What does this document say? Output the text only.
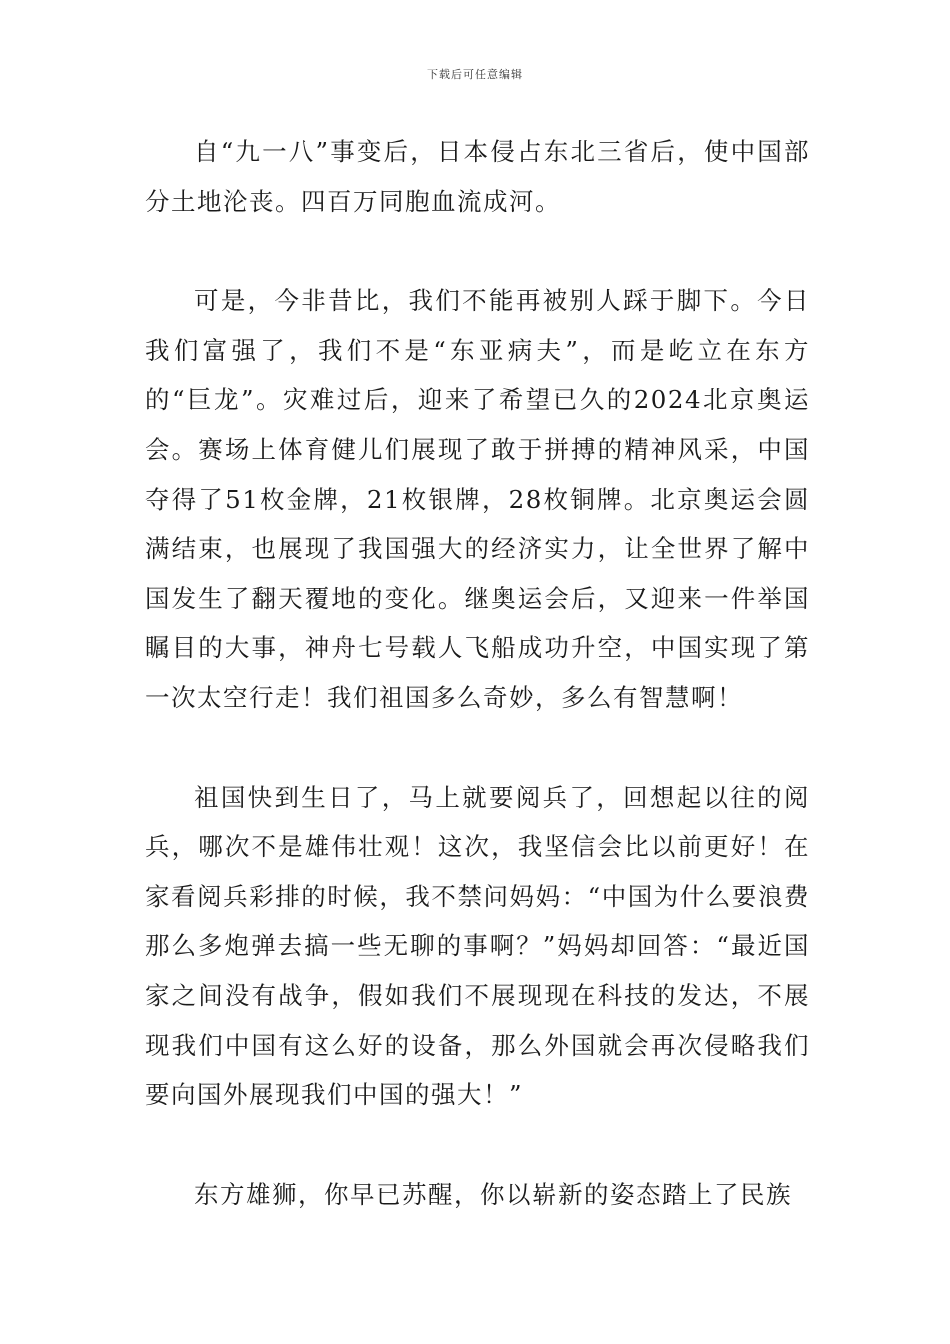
下载后可任意编辑

自“九一八”事变后，日本侵占东北三省后，使中国部分土地沦丧。四百万同胞血流成河。

可是，今非昔比，我们不能再被别人踩于脚下。今日我们富强了，我们不是“东亚病夫”，而是屹立在东方的“巨龙”。灾难过后，迎来了希望已久的2024北京奥运会。赛场上体育健儿们展现了敢于拼搏的精神风采，中国夺得了51枚金牌，21枚银牌，28枚铜牌。北京奥运会圆满结束，也展现了我国强大的经济实力，让全世界了解中国发生了翻天覆地的变化。继奥运会后，又迎来一件举国瞩目的大事，神舟七号载人飞船成功升空，中国实现了第一次太空行走！我们祖国多么奇妙，多么有智慧啊！

祖国快到生日了，马上就要阅兵了，回想起以往的阅兵，哪次不是雄伟壮观！这次，我坚信会比以前更好！在家看阅兵彩排的时候，我不禁问妈妈：“中国为什么要浪费那么多炮弹去搞一些无聊的事啊？”妈妈却回答：“最近国家之间没有战争，假如我们不展现现在科技的发达，不展现我们中国有这么好的设备，那么外国就会再次侵略我们要向国外展现我们中国的强大！”

东方雄狮，你早已苏醒，你以崭新的姿态踏上了民族
